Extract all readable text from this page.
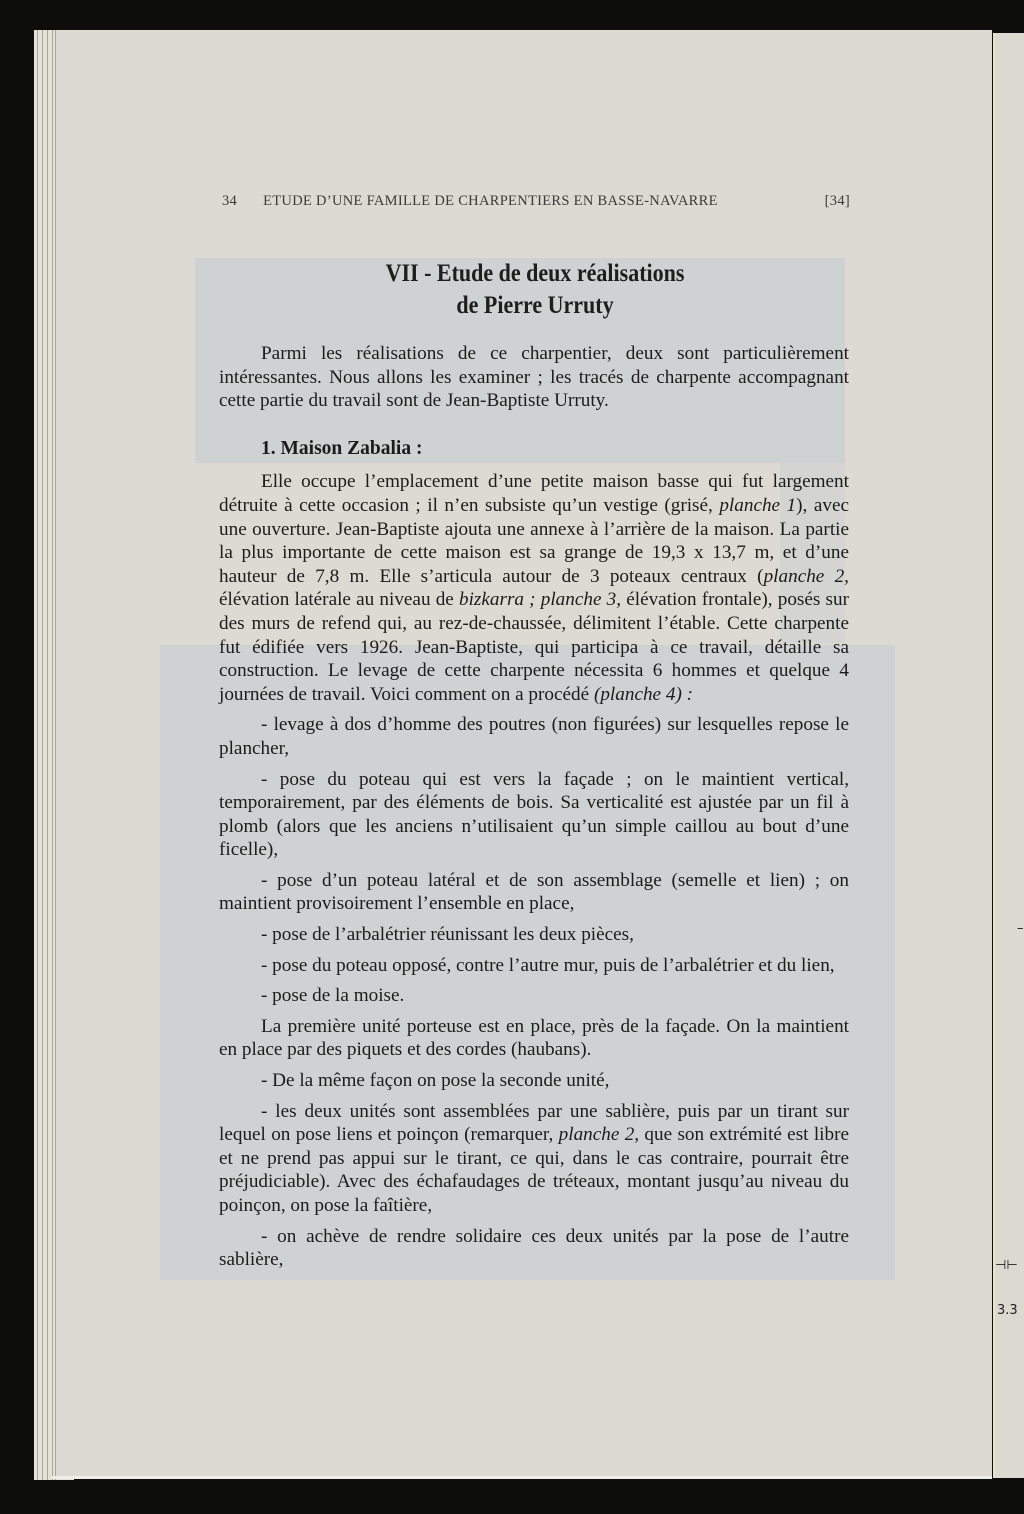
–
⊣⊢
3.3
34 ETUDE D’UNE FAMILLE DE CHARPENTIERS EN BASSE-NAVARRE	[34]
VII - Etude de deux réalisations
de Pierre Urruty

Parmi les réalisations de ce charpentier, deux sont particulièrement intéressantes. Nous allons les examiner ; les tracés de charpente accompagnant cette partie du travail sont de Jean-Baptiste Urruty.

1. Maison Zabalia :

Elle occupe l’emplacement d’une petite maison basse qui fut largement détruite à cette occasion ; il n’en subsiste qu’un vestige (grisé, planche 1), avec une ouverture. Jean-Baptiste ajouta une annexe à l’arrière de la maison. La partie la plus importante de cette maison est sa grange de 19,3 x 13,7 m, et d’une hauteur de 7,8 m. Elle s’articula autour de 3 poteaux centraux (planche 2, élévation latérale au niveau de bizkarra ; planche 3, élévation frontale), posés sur des murs de refend qui, au rez-de-chaussée, délimitent l’étable. Cette charpente fut édifiée vers 1926. Jean-Baptiste, qui participa à ce travail, détaille sa construction. Le levage de cette charpente nécessita 6 hommes et quelque 4 journées de travail. Voici comment on a procédé (planche 4) :

- levage à dos d’homme des poutres (non figurées) sur lesquelles repose le plancher,

- pose du poteau qui est vers la façade ; on le maintient vertical, temporairement, par des éléments de bois. Sa verticalité est ajustée par un fil à plomb (alors que les anciens n’utilisaient qu’un simple caillou au bout d’une ficelle),

- pose d’un poteau latéral et de son assemblage (semelle et lien) ; on maintient provisoirement l’ensemble en place,

- pose de l’arbalétrier réunissant les deux pièces,

- pose du poteau opposé, contre l’autre mur, puis de l’arbalétrier et du lien,

- pose de la moise.

La première unité porteuse est en place, près de la façade. On la maintient en place par des piquets et des cordes (haubans).

- De la même façon on pose la seconde unité,

- les deux unités sont assemblées par une sablière, puis par un tirant sur lequel on pose liens et poinçon (remarquer, planche 2, que son extrémité est libre et ne prend pas appui sur le tirant, ce qui, dans le cas contraire, pourrait être préjudiciable). Avec des échafaudages de tréteaux, montant jusqu’au niveau du poinçon, on pose la faîtière,

- on achève de rendre solidaire ces deux unités par la pose de l’autre sablière,
